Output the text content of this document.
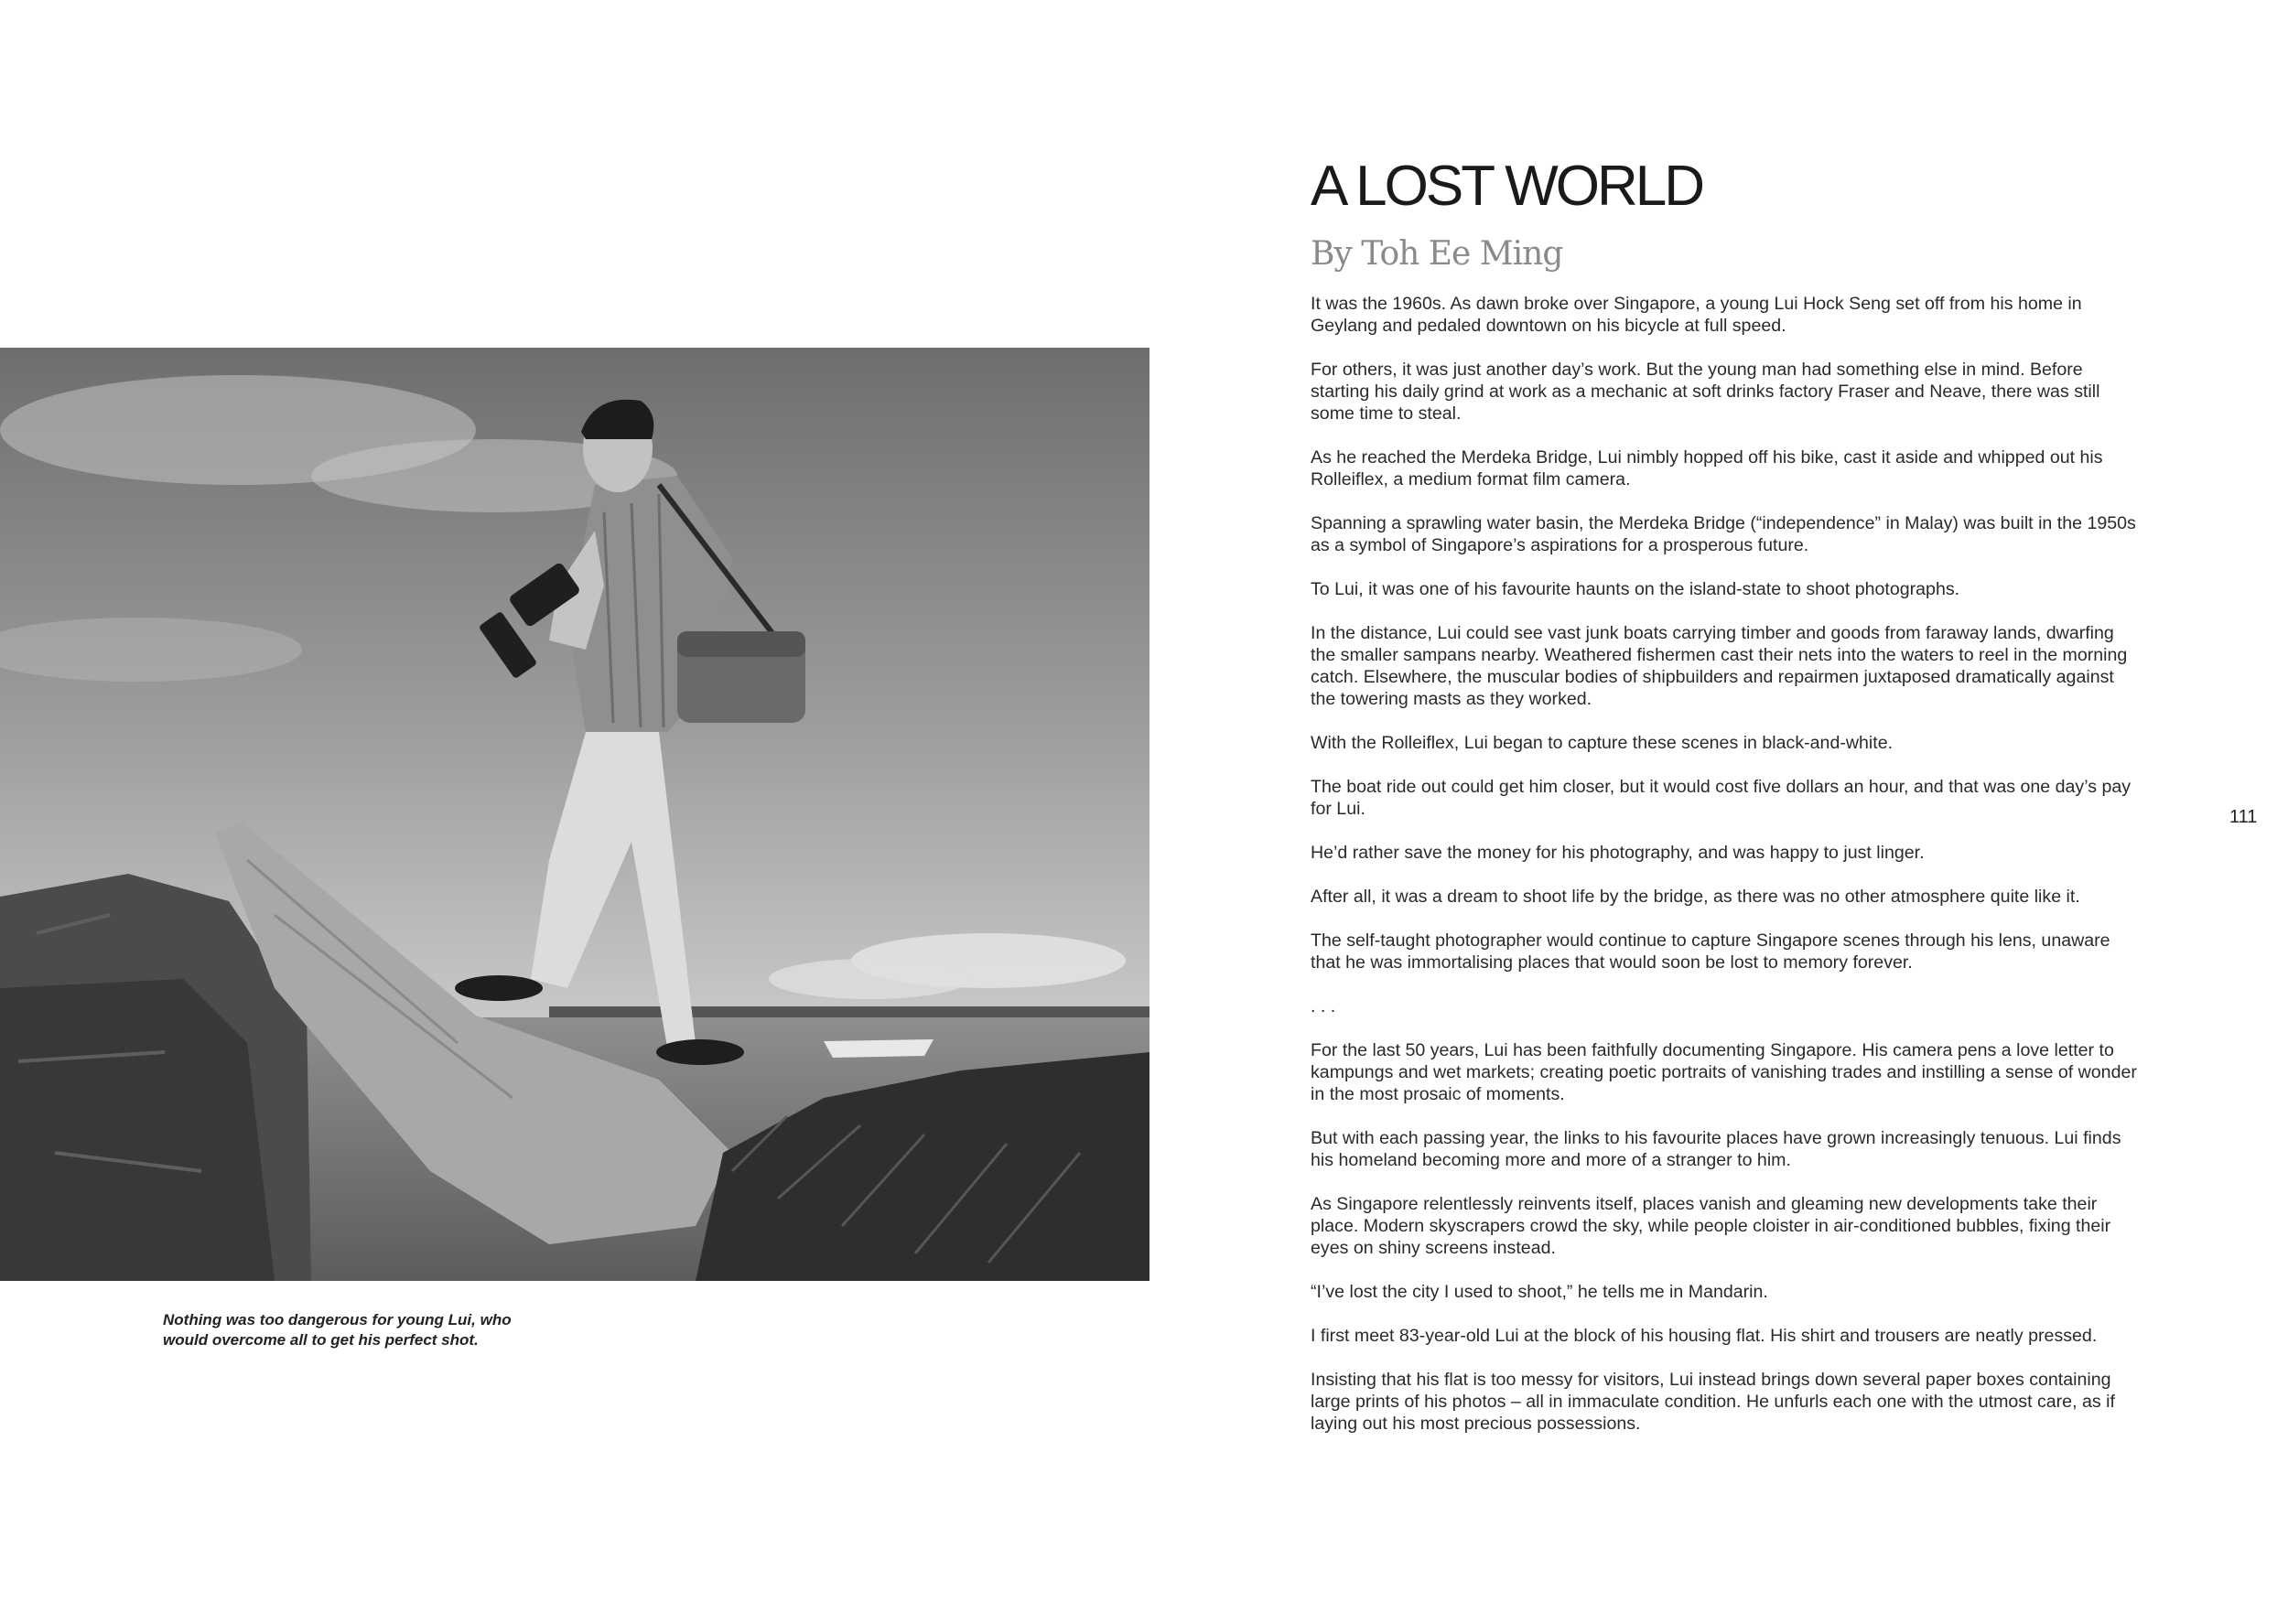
Nothing was too dangerous for young Lui, who would overcome all to get his perfect shot.
A LOST WORLD
By Toh Ee Ming

It was the 1960s. As dawn broke over Singapore, a young Lui Hock Seng set off from his home in Geylang and pedaled downtown on his bicycle at full speed.

For others, it was just another day’s work. But the young man had something else in mind. Before starting his daily grind at work as a mechanic at soft drinks factory Fraser and Neave, there was still some time to steal.

As he reached the Merdeka Bridge, Lui nimbly hopped off his bike, cast it aside and whipped out his Rolleiflex, a medium format film camera.

Spanning a sprawling water basin, the Merdeka Bridge (“independence” in Malay) was built in the 1950s as a symbol of Singapore’s aspirations for a prosperous future.

To Lui, it was one of his favourite haunts on the island-state to shoot photographs.

In the distance, Lui could see vast junk boats carrying timber and goods from faraway lands, dwarfing the smaller sampans nearby. Weathered fishermen cast their nets into the waters to reel in the morning catch. Elsewhere, the muscular bodies of shipbuilders and repairmen juxtaposed dramatically against the towering masts as they worked.

With the Rolleiflex, Lui began to capture these scenes in black-and-white.

The boat ride out could get him closer, but it would cost five dollars an hour, and that was one day’s pay for Lui.

He’d rather save the money for his photography, and was happy to just linger.

After all, it was a dream to shoot life by the bridge, as there was no other atmosphere quite like it.

The self-taught photographer would continue to capture Singapore scenes through his lens, unaware that he was immortalising places that would soon be lost to memory forever.

. . .

For the last 50 years, Lui has been faithfully documenting Singapore. His camera pens a love letter to kampungs and wet markets; creating poetic portraits of vanishing trades and instilling a sense of wonder in the most prosaic of moments.

But with each passing year, the links to his favourite places have grown increasingly tenuous. Lui finds his homeland becoming more and more of a stranger to him.

As Singapore relentlessly reinvents itself, places vanish and gleaming new developments take their place. Modern skyscrapers crowd the sky, while people cloister in air-conditioned bubbles, fixing their eyes on shiny screens instead.

“I’ve lost the city I used to shoot,” he tells me in Mandarin.

I first meet 83-year-old Lui at the block of his housing flat. His shirt and trousers are neatly pressed.

Insisting that his flat is too messy for visitors, Lui instead brings down several paper boxes containing large prints of his photos – all in immaculate condition. He unfurls each one with the utmost care, as if laying out his most precious possessions.

111
